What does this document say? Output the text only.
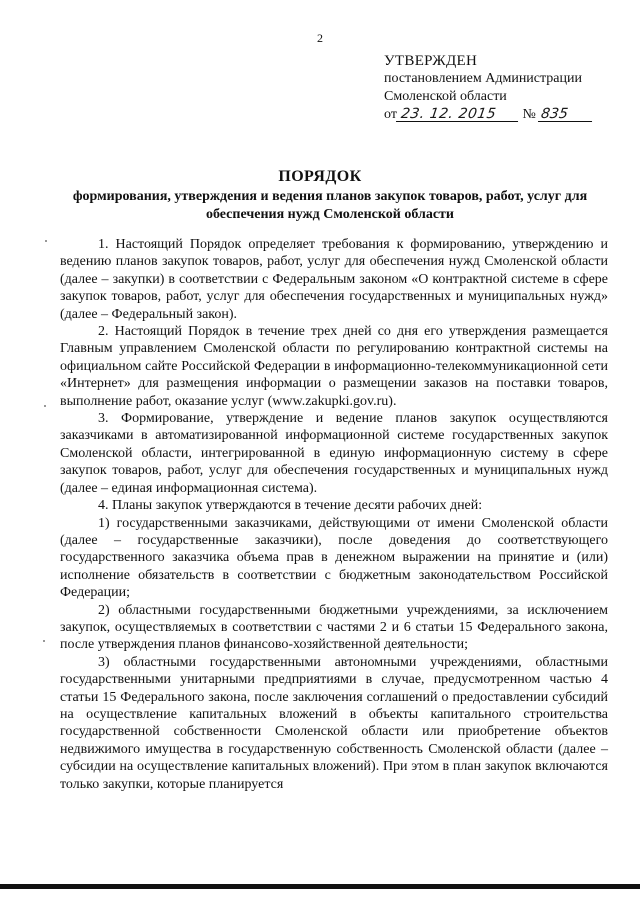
2
УТВЕРЖДЕН
постановлением Администрации
Смоленской области
от 23. 12. 2015 № 835
ПОРЯДОК
формирования, утверждения и ведения планов закупок товаров, работ, услуг для обеспечения нужд Смоленской области

1. Настоящий Порядок определяет требования к формированию, утверждению и ведению планов закупок товаров, работ, услуг для обеспечения нужд Смоленской области (далее – закупки) в соответствии с Федеральным законом «О контрактной системе в сфере закупок товаров, работ, услуг для обеспечения государственных и муниципальных нужд» (далее – Федеральный закон).

2. Настоящий Порядок в течение трех дней со дня его утверждения размещается Главным управлением Смоленской области по регулированию контрактной системы на официальном сайте Российской Федерации в информационно-телекоммуникационной сети «Интернет» для размещения информации о размещении заказов на поставки товаров, выполнение работ, оказание услуг (www.zakupki.gov.ru).

3. Формирование, утверждение и ведение планов закупок осуществляются заказчиками в автоматизированной информационной системе государственных закупок Смоленской области, интегрированной в единую информационную систему в сфере закупок товаров, работ, услуг для обеспечения государственных и муниципальных нужд (далее – единая информационная система).

4. Планы закупок утверждаются в течение десяти рабочих дней:

1) государственными заказчиками, действующими от имени Смоленской области (далее – государственные заказчики), после доведения до соответствующего государственного заказчика объема прав в денежном выражении на принятие и (или) исполнение обязательств в соответствии с бюджетным законодательством Российской Федерации;

2) областными государственными бюджетными учреждениями, за исключением закупок, осуществляемых в соответствии с частями 2 и 6 статьи 15 Федерального закона, после утверждения планов финансово-хозяйственной деятельности;

3) областными государственными автономными учреждениями, областными государственными унитарными предприятиями в случае, предусмотренном частью 4 статьи 15 Федерального закона, после заключения соглашений о предоставлении субсидий на осуществление капитальных вложений в объекты капитального строительства государственной собственности Смоленской области или приобретение объектов недвижимого имущества в государственную собственность Смоленской области (далее – субсидии на осуществление капитальных вложений). При этом в план закупок включаются только закупки, которые планируется
